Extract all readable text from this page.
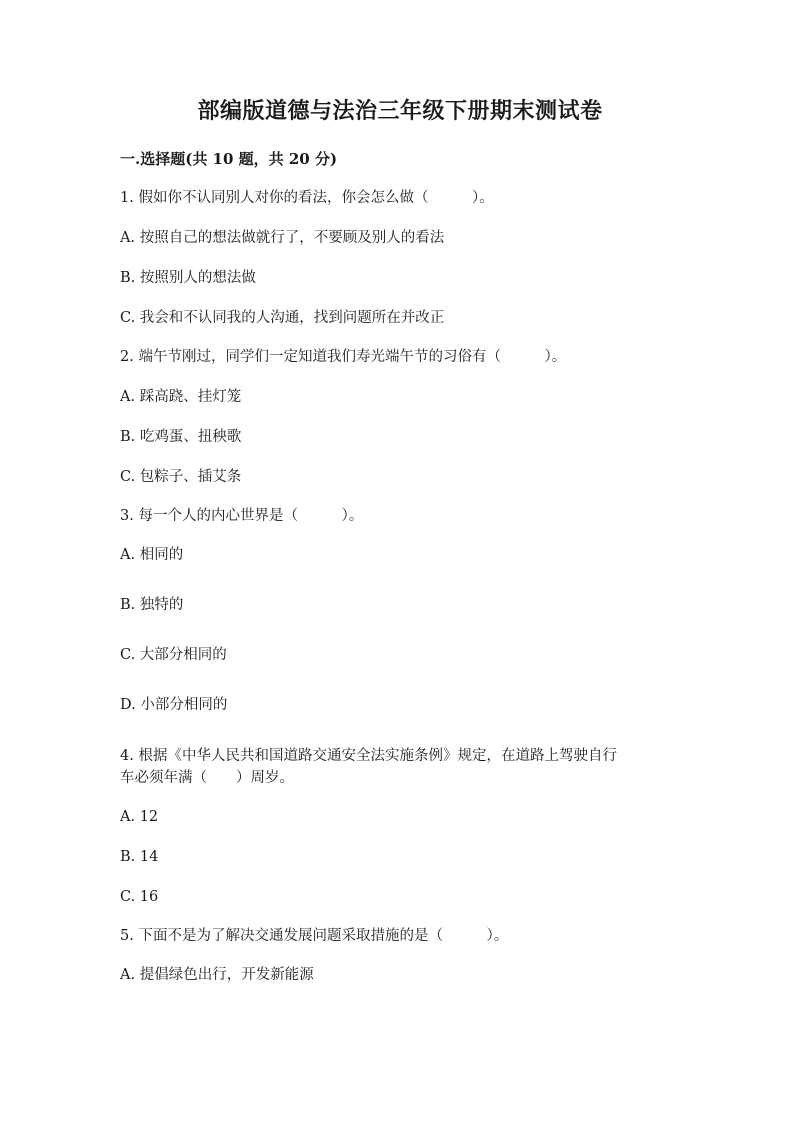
部编版道德与法治三年级下册期末测试卷
一.选择题(共 10 题，共 20 分)
1. 假如你不认同别人对你的看法，你会怎么做（　　　）。
A. 按照自己的想法做就行了，不要顾及别人的看法
B. 按照别人的想法做
C. 我会和不认同我的人沟通，找到问题所在并改正
2. 端午节刚过，同学们一定知道我们寿光端午节的习俗有（　　　）。
A. 踩高跷、挂灯笼
B. 吃鸡蛋、扭秧歌
C. 包粽子、插艾条
3. 每一个人的内心世界是（　　　）。
A. 相同的
B. 独特的
C. 大部分相同的
D. 小部分相同的
4. 根据《中华人民共和国道路交通安全法实施条例》规定，在道路上驾驶自行
车必须年满（　　）周岁。
A. 12
B. 14
C. 16
5. 下面不是为了解决交通发展问题采取措施的是（　　　）。
A. 提倡绿色出行，开发新能源
